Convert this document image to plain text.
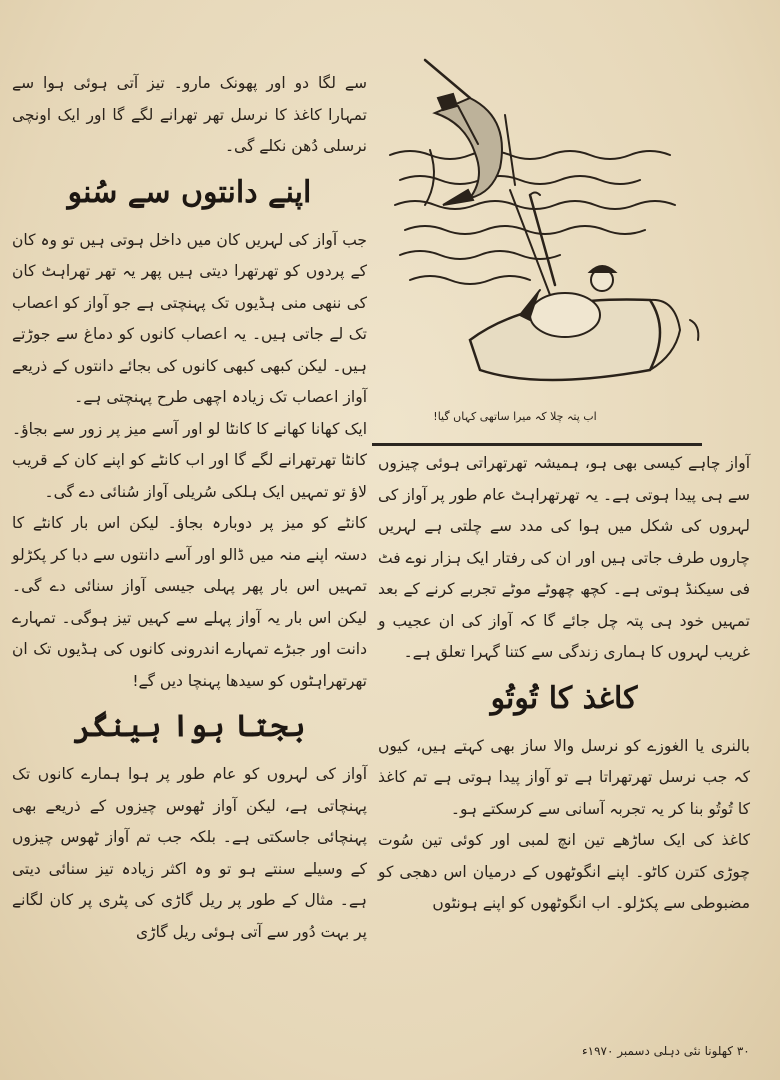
سے لگا دو اور پھونک مارو۔ تیز آتی ہوئی ہوا سے تمہارا کاغذ کا نرسل تھر تھرانے لگے گا اور ایک اونچی نرسلی دُھن نکلے گی۔

اپنے دانتوں سے سُنو

جب آواز کی لہریں کان میں داخل ہوتی ہیں تو وہ کان کے پردوں کو تھرتھرا دیتی ہیں پھر یہ تھر تھراہٹ کان کی ننھی منی ہڈیوں تک پہنچتی ہے جو آواز کو اعصاب تک لے جاتی ہیں۔ یہ اعصاب کانوں کو دماغ سے جوڑتے ہیں۔ لیکن کبھی کبھی کانوں کی بجائے دانتوں کے ذریعے آواز اعصاب تک زیادہ اچھی طرح پہنچتی ہے۔

ایک کھانا کھانے کا کانٹا لو اور آسے میز پر زور سے بجاؤ۔ کانٹا تھرتھرانے لگے گا اور اب کانٹے کو اپنے کان کے قریب لاؤ تو تمہیں ایک ہلکی سُریلی آواز سُنائی دے گی۔

کانٹے کو میز پر دوبارہ بجاؤ۔ لیکن اس بار کانٹے کا دستہ اپنے منہ میں ڈالو اور آسے دانتوں سے دبا کر پکڑلو تمہیں اس بار پھر پہلی جیسی آواز سنائی دے گی۔ لیکن اس بار یہ آواز پہلے سے کہیں تیز ہوگی۔ تمہارے دانت اور جبڑے تمہارے اندرونی کانوں کی ہڈیوں تک ان تھرتھراہٹوں کو سیدھا پہنچا دیں گے!

بجتا ہوا ہینگر

آواز کی لہروں کو عام طور پر ہوا ہمارے کانوں تک پہنچاتی ہے، لیکن آواز ٹھوس چیزوں کے ذریعے بھی پہنچائی جاسکتی ہے۔ بلکہ جب تم آواز ٹھوس چیزوں کے وسیلے سنتے ہو تو وہ اکثر زیادہ تیز سنائی دیتی ہے۔ مثال کے طور پر ریل گاڑی کی پٹری پر کان لگانے پر بہت دُور سے آتی ہوئی ریل گاڑی

اب پتہ چلا کہ میرا ساتھی کہاں گیا!

آواز چاہے کیسی بھی ہو، ہمیشہ تھرتھراتی ہوئی چیزوں سے ہی پیدا ہوتی ہے۔ یہ تھرتھراہٹ عام طور پر آواز کی لہروں کی شکل میں ہوا کی مدد سے چلتی ہے لہریں چاروں طرف جاتی ہیں اور ان کی رفتار ایک ہزار نوے فٹ فی سیکنڈ ہوتی ہے۔ کچھ چھوٹے موٹے تجربے کرنے کے بعد تمہیں خود ہی پتہ چل جائے گا کہ آواز کی ان عجیب و غریب لہروں کا ہماری زندگی سے کتنا گہرا تعلق ہے۔

کاغذ کا تُوتُو

بالنری یا الغوزے کو نرسل والا ساز بھی کہتے ہیں، کیوں کہ جب نرسل تھرتھراتا ہے تو آواز پیدا ہوتی ہے تم کاغذ کا تُوتُو بنا کر یہ تجربہ آسانی سے کرسکتے ہو۔

کاغذ کی ایک ساڑھے تین انچ لمبی اور کوئی تین سُوت چوڑی کترن کاٹو۔ اپنے انگوٹھوں کے درمیان اس دھجی کو مضبوطی سے پکڑلو۔ اب انگوٹھوں کو اپنے ہونٹوں

۳۰ کھلونا نئی دہلی دسمبر ۱۹۷۰ء
